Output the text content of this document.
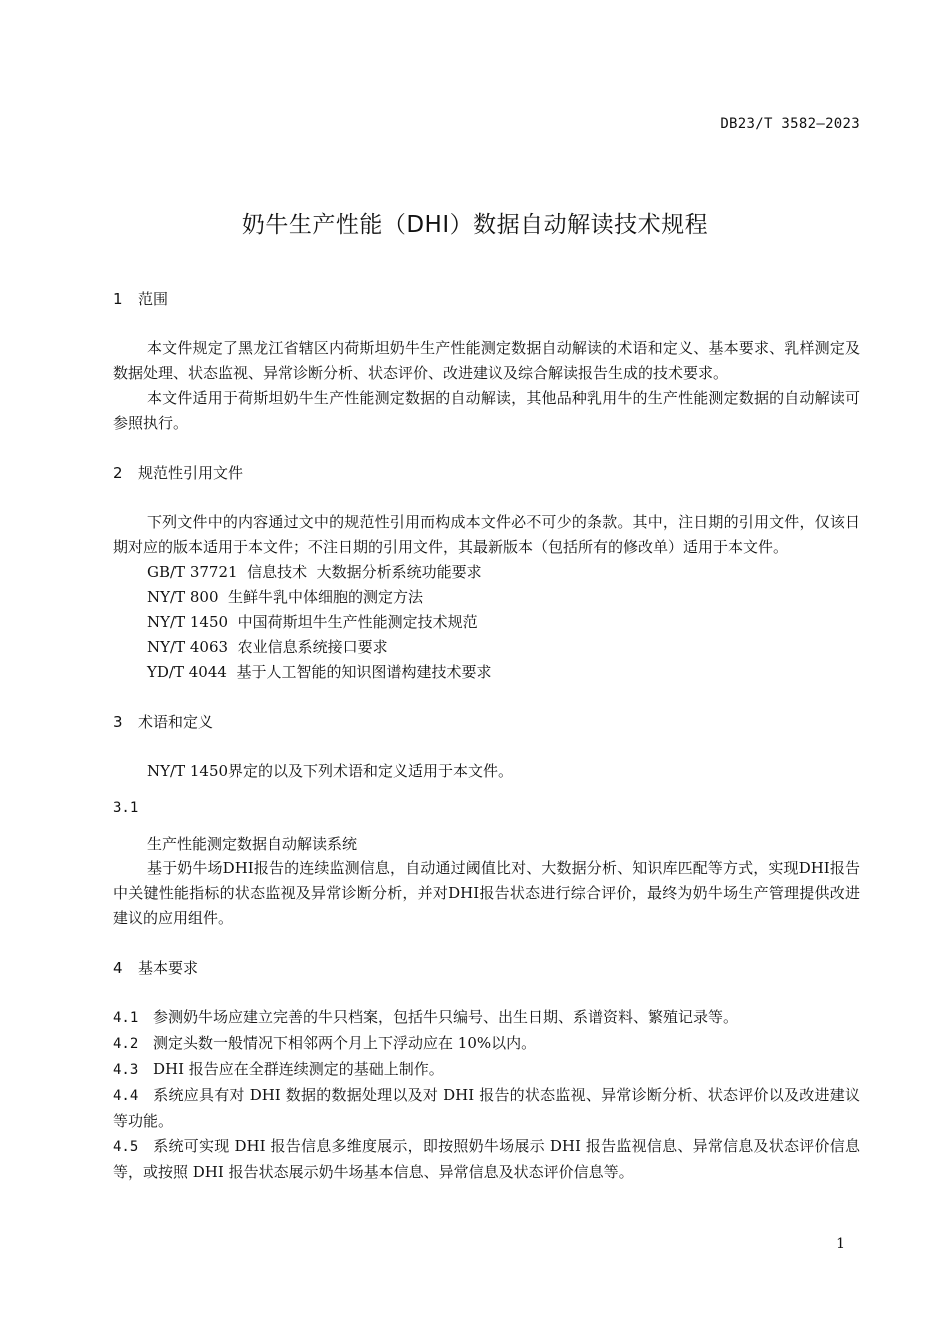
DB23/T 3582—2023
奶牛生产性能（DHI）数据自动解读技术规程
1 范围

本文件规定了黑龙江省辖区内荷斯坦奶牛生产性能测定数据自动解读的术语和定义、基本要求、乳样测定及数据处理、状态监视、异常诊断分析、状态评价、改进建议及综合解读报告生成的技术要求。

本文件适用于荷斯坦奶牛生产性能测定数据的自动解读，其他品种乳用牛的生产性能测定数据的自动解读可参照执行。

2 规范性引用文件

下列文件中的内容通过文中的规范性引用而构成本文件必不可少的条款。其中，注日期的引用文件，仅该日期对应的版本适用于本文件；不注日期的引用文件，其最新版本（包括所有的修改单）适用于本文件。

GB/T 37721  信息技术  大数据分析系统功能要求

NY/T 800  生鲜牛乳中体细胞的测定方法

NY/T 1450  中国荷斯坦牛生产性能测定技术规范

NY/T 4063  农业信息系统接口要求

YD/T 4044  基于人工智能的知识图谱构建技术要求

3 术语和定义

NY/T 1450界定的以及下列术语和定义适用于本文件。

3.1
生产性能测定数据自动解读系统

基于奶牛场DHI报告的连续监测信息，自动通过阈值比对、大数据分析、知识库匹配等方式，实现DHI报告中关键性能指标的状态监视及异常诊断分析，并对DHI报告状态进行综合评价，最终为奶牛场生产管理提供改进建议的应用组件。

4 基本要求

4.1 参测奶牛场应建立完善的牛只档案，包括牛只编号、出生日期、系谱资料、繁殖记录等。

4.2 测定头数一般情况下相邻两个月上下浮动应在 10%以内。

4.3 DHI 报告应在全群连续测定的基础上制作。

4.4 系统应具有对 DHI 数据的数据处理以及对 DHI 报告的状态监视、异常诊断分析、状态评价以及改进建议等功能。

4.5 系统可实现 DHI 报告信息多维度展示，即按照奶牛场展示 DHI 报告监视信息、异常信息及状态评价信息等，或按照 DHI 报告状态展示奶牛场基本信息、异常信息及状态评价信息等。

1
